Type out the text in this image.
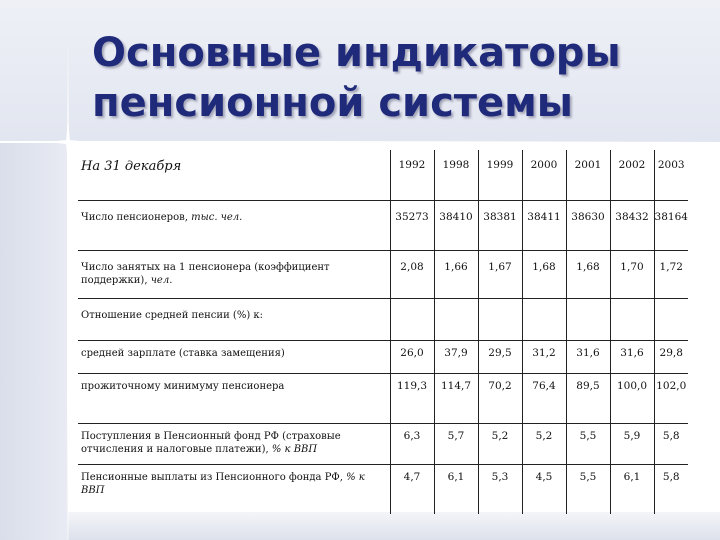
Основные индикаторы
пенсионной системы
На 31 декабря	1992	1998	1999	2000	2001	2002	2003

Число пенсионеров, тыс. чел.	35273	38410	38381	38411	38630	38432	38164

Число занятых на 1 пенсионера (коэффициент поддержки), чел.	2,08	1,66	1,67	1,68	1,68	1,70	1,72

Отношение средней пенсии (%) к:							

средней зарплате (ставка замещения)	26,0	37,9	29,5	31,2	31,6	31,6	29,8

прожиточному минимуму пенсионера	119,3	114,7	70,2	76,4	89,5	100,0	102,0

Поступления в Пенсионный фонд РФ (страховые отчисления и налоговые платежи), % к ВВП	6,3	5,7	5,2	5,2	5,5	5,9	5,8

Пенсионные выплаты из Пенсионного фонда РФ, % к ВВП	4,7	6,1	5,3	4,5	5,5	6,1	5,8
